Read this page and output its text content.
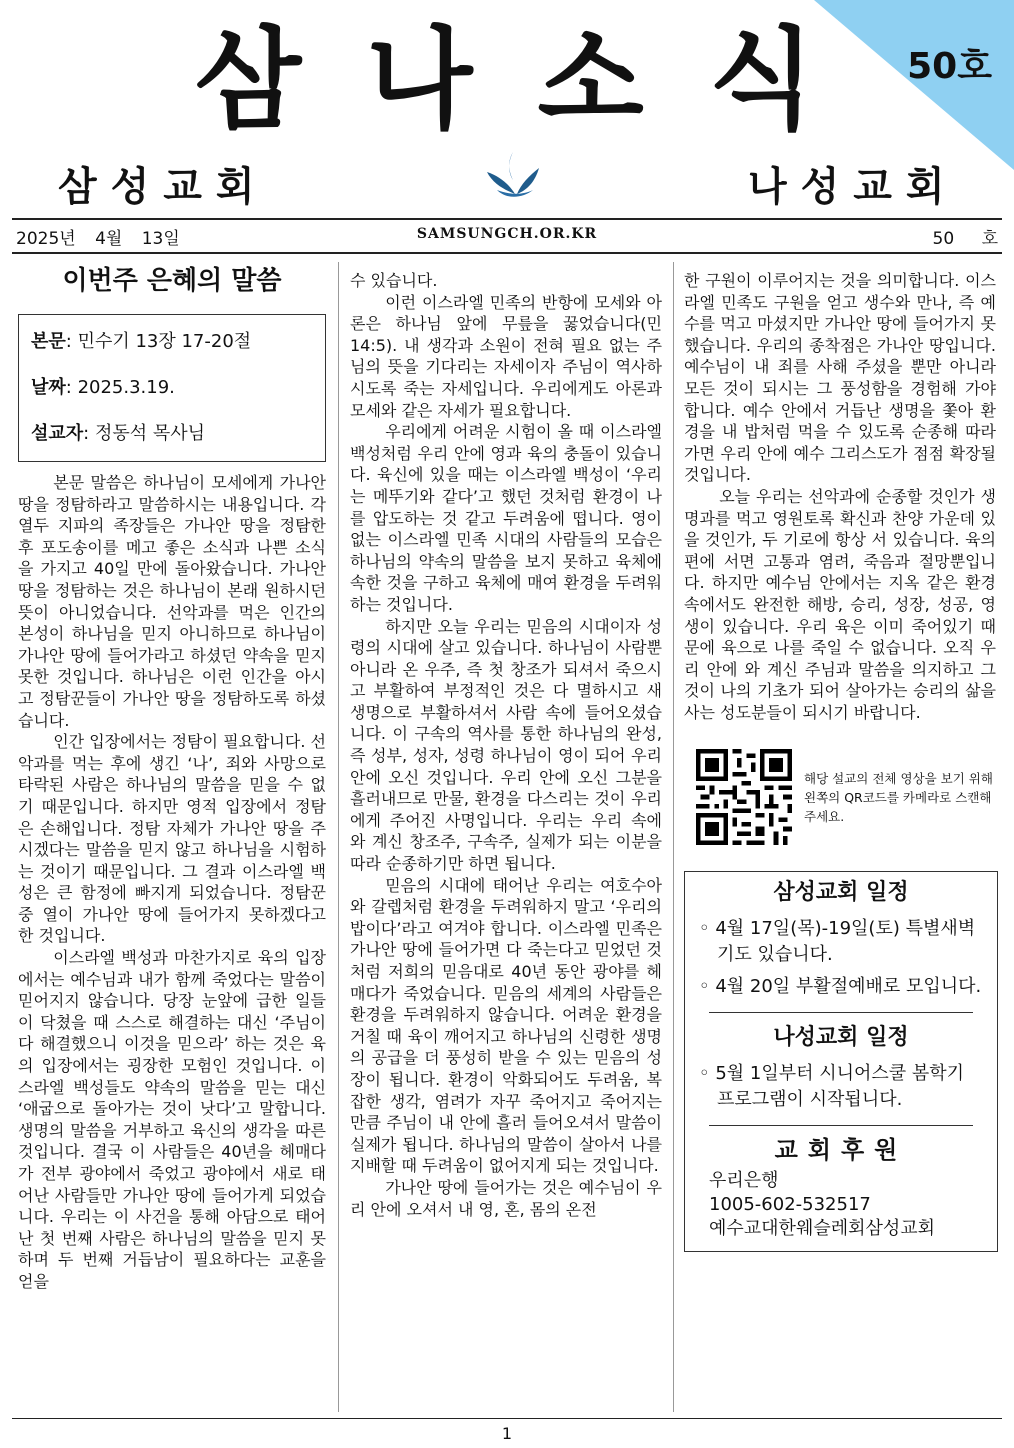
50호
삼 나 소 식
삼성교회	나성교회
2025년 4월 13일	SAMSUNGCH.OR.KR	50 호
이번주 은혜의 말씀

본문: 민수기 13장 17-20절

날짜: 2025.3.19.

설교자: 정동석 목사님

본문 말씀은 하나님이 모세에게 가나안 땅을 정탐하라고 말씀하시는 내용입니다. 각 열두 지파의 족장들은 가나안 땅을 정탐한 후 포도송이를 메고 좋은 소식과 나쁜 소식을 가지고 40일 만에 돌아왔습니다. 가나안 땅을 정탐하는 것은 하나님이 본래 원하시던 뜻이 아니었습니다. 선악과를 먹은 인간의 본성이 하나님을 믿지 아니하므로 하나님이 가나안 땅에 들어가라고 하셨던 약속을 믿지 못한 것입니다. 하나님은 이런 인간을 아시고 정탐꾼들이 가나안 땅을 정탐하도록 하셨습니다.

인간 입장에서는 정탐이 필요합니다. 선악과를 먹는 후에 생긴 ‘나’, 죄와 사망으로 타락된 사람은 하나님의 말씀을 믿을 수 없기 때문입니다. 하지만 영적 입장에서 정탐은 손해입니다. 정탐 자체가 가나안 땅을 주시겠다는 말씀을 믿지 않고 하나님을 시험하는 것이기 때문입니다. 그 결과 이스라엘 백성은 큰 함정에 빠지게 되었습니다. 정탐꾼 중 열이 가나안 땅에 들어가지 못하겠다고 한 것입니다.

이스라엘 백성과 마찬가지로 육의 입장에서는 예수님과 내가 함께 죽었다는 말씀이 믿어지지 않습니다. 당장 눈앞에 급한 일들이 닥쳤을 때 스스로 해결하는 대신 ‘주님이 다 해결했으니 이것을 믿으라’ 하는 것은 육의 입장에서는 굉장한 모험인 것입니다. 이스라엘 백성들도 약속의 말씀을 믿는 대신 ‘애굽으로 돌아가는 것이 낫다’고 말합니다. 생명의 말씀을 거부하고 육신의 생각을 따른 것입니다. 결국 이 사람들은 40년을 헤매다가 전부 광야에서 죽었고 광야에서 새로 태어난 사람들만 가나안 땅에 들어가게 되었습니다. 우리는 이 사건을 통해 아담으로 태어난 첫 번째 사람은 하나님의 말씀을 믿지 못하며 두 번째 거듭남이 필요하다는 교훈을 얻을

수 있습니다.

이런 이스라엘 민족의 반항에 모세와 아론은 하나님 앞에 무릎을 꿇었습니다(민 14:5). 내 생각과 소원이 전혀 필요 없는 주님의 뜻을 기다리는 자세이자 주님이 역사하시도록 죽는 자세입니다. 우리에게도 아론과 모세와 같은 자세가 필요합니다.

우리에게 어려운 시험이 올 때 이스라엘 백성처럼 우리 안에 영과 육의 충돌이 있습니다. 육신에 있을 때는 이스라엘 백성이 ‘우리는 메뚜기와 같다’고 했던 것처럼 환경이 나를 압도하는 것 같고 두려움에 떱니다. 영이 없는 이스라엘 민족 시대의 사람들의 모습은 하나님의 약속의 말씀을 보지 못하고 육체에 속한 것을 구하고 육체에 매여 환경을 두려워하는 것입니다.

하지만 오늘 우리는 믿음의 시대이자 성령의 시대에 살고 있습니다. 하나님이 사람뿐 아니라 온 우주, 즉 첫 창조가 되셔서 죽으시고 부활하여 부정적인 것은 다 멸하시고 새 생명으로 부활하셔서 사람 속에 들어오셨습니다. 이 구속의 역사를 통한 하나님의 완성, 즉 성부, 성자, 성령 하나님이 영이 되어 우리 안에 오신 것입니다. 우리 안에 오신 그분을 흘러내므로 만물, 환경을 다스리는 것이 우리에게 주어진 사명입니다. 우리는 우리 속에 와 계신 창조주, 구속주, 실제가 되는 이분을 따라 순종하기만 하면 됩니다.

믿음의 시대에 태어난 우리는 여호수아와 갈렙처럼 환경을 두려워하지 말고 ‘우리의 밥이다’라고 여겨야 합니다. 이스라엘 민족은 가나안 땅에 들어가면 다 죽는다고 믿었던 것처럼 저희의 믿음대로 40년 동안 광야를 헤매다가 죽었습니다. 믿음의 세계의 사람들은 환경을 두려워하지 않습니다. 어려운 환경을 거칠 때 육이 깨어지고 하나님의 신령한 생명의 공급을 더 풍성히 받을 수 있는 믿음의 성장이 됩니다. 환경이 악화되어도 두려움, 복잡한 생각, 염려가 자꾸 죽어지고 죽어지는 만큼 주님이 내 안에 흘러 들어오셔서 말씀이 실제가 됩니다. 하나님의 말씀이 살아서 나를 지배할 때 두려움이 없어지게 되는 것입니다.

가나안 땅에 들어가는 것은 예수님이 우리 안에 오셔서 내 영, 혼, 몸의 온전

한 구원이 이루어지는 것을 의미합니다. 이스라엘 민족도 구원을 얻고 생수와 만나, 즉 예수를 먹고 마셨지만 가나안 땅에 들어가지 못했습니다. 우리의 종착점은 가나안 땅입니다. 예수님이 내 죄를 사해 주셨을 뿐만 아니라 모든 것이 되시는 그 풍성함을 경험해 가야 합니다. 예수 안에서 거듭난 생명을 쫓아 환경을 내 밥처럼 먹을 수 있도록 순종해 따라가면 우리 안에 예수 그리스도가 점점 확장될 것입니다.

오늘 우리는 선악과에 순종할 것인가 생명과를 먹고 영원토록 확신과 찬양 가운데 있을 것인가, 두 기로에 항상 서 있습니다. 육의 편에 서면 고통과 염려, 죽음과 절망뿐입니다. 하지만 예수님 안에서는 지옥 같은 환경 속에서도 완전한 해방, 승리, 성장, 성공, 영생이 있습니다. 우리 육은 이미 죽어있기 때문에 육으로 나를 죽일 수 없습니다. 오직 우리 안에 와 계신 주님과 말씀을 의지하고 그것이 나의 기초가 되어 살아가는 승리의 삶을 사는 성도분들이 되시기 바랍니다.

해당 설교의 전체 영상을 보기 위해 왼쪽의 QR코드를 카메라로 스캔해 주세요.
삼성교회 일정
◦ 4월 17일(목)-19일(토) 특별새벽기도 있습니다.
◦ 4월 20일 부활절예배로 모입니다.
나성교회 일정
◦ 5월 1일부터 시니어스쿨 봄학기 프로그램이 시작됩니다.
교회후원
우리은행
1005-602-532517
예수교대한웨슬레회삼성교회
1
